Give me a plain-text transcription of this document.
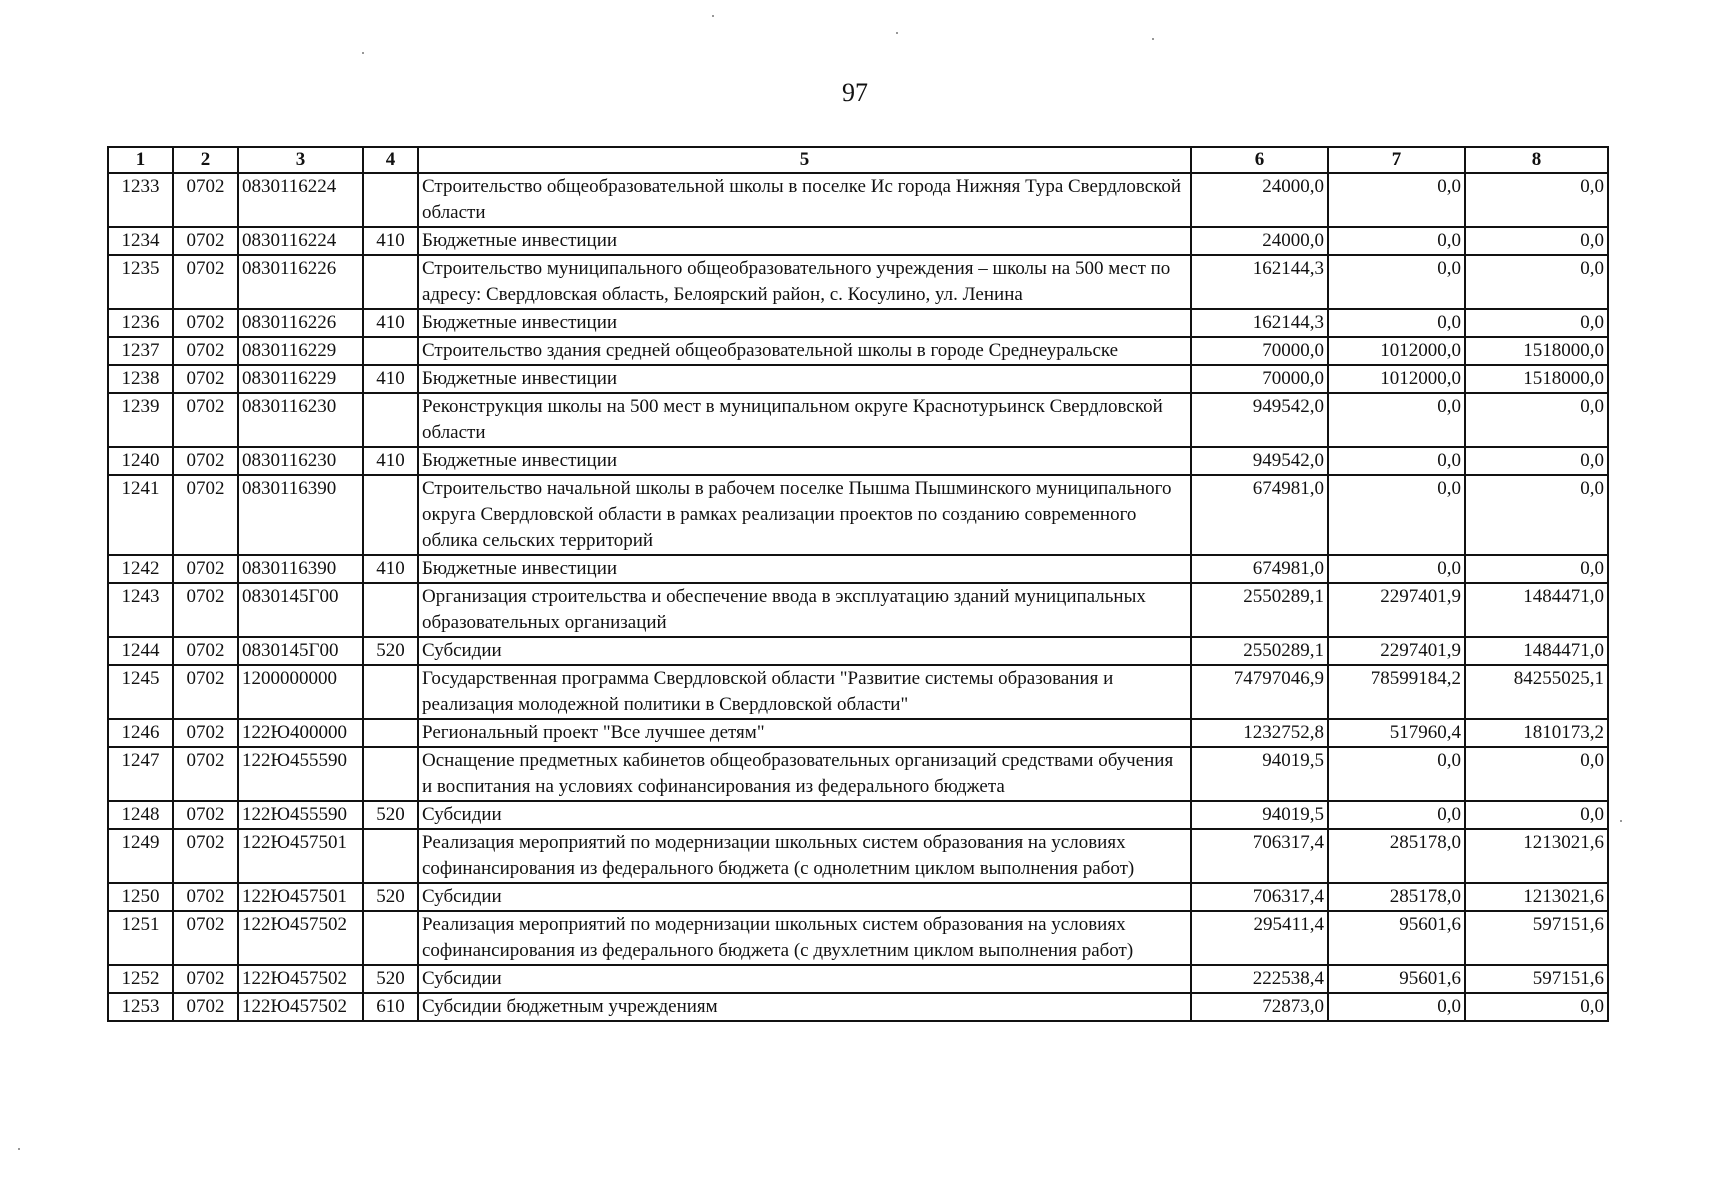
97
1	2	3	4	5	6	7	8
1233	0702	0830116224		Строительство общеобразовательной школы в поселке Ис города Нижняя Тура Свердловской области	24000,0	0,0	0,0
1234	0702	0830116224	410	Бюджетные инвестиции	24000,0	0,0	0,0
1235	0702	0830116226		Строительство муниципального общеобразовательного учреждения – школы на 500 мест по адресу: Свердловская область, Белоярский район, с. Косулино, ул. Ленина	162144,3	0,0	0,0
1236	0702	0830116226	410	Бюджетные инвестиции	162144,3	0,0	0,0
1237	0702	0830116229		Строительство здания средней общеобразовательной школы в городе Среднеуральске	70000,0	1012000,0	1518000,0
1238	0702	0830116229	410	Бюджетные инвестиции	70000,0	1012000,0	1518000,0
1239	0702	0830116230		Реконструкция школы на 500 мест в муниципальном округе Краснотурьинск Свердловской области	949542,0	0,0	0,0
1240	0702	0830116230	410	Бюджетные инвестиции	949542,0	0,0	0,0
1241	0702	0830116390		Строительство начальной школы в рабочем поселке Пышма Пышминского муниципального округа Свердловской области в рамках реализации проектов по созданию современного облика сельских территорий	674981,0	0,0	0,0
1242	0702	0830116390	410	Бюджетные инвестиции	674981,0	0,0	0,0
1243	0702	0830145Г00		Организация строительства и обеспечение ввода в эксплуатацию зданий муниципальных образовательных организаций	2550289,1	2297401,9	1484471,0
1244	0702	0830145Г00	520	Субсидии	2550289,1	2297401,9	1484471,0
1245	0702	1200000000		Государственная программа Свердловской области "Развитие системы образования и реализация молодежной политики в Свердловской области"	74797046,9	78599184,2	84255025,1
1246	0702	122Ю400000		Региональный проект "Все лучшее детям"	1232752,8	517960,4	1810173,2
1247	0702	122Ю455590		Оснащение предметных кабинетов общеобразовательных организаций средствами обучения и воспитания на условиях софинансирования из федерального бюджета	94019,5	0,0	0,0
1248	0702	122Ю455590	520	Субсидии	94019,5	0,0	0,0
1249	0702	122Ю457501		Реализация мероприятий по модернизации школьных систем образования на условиях софинансирования из федерального бюджета (с однолетним циклом выполнения работ)	706317,4	285178,0	1213021,6
1250	0702	122Ю457501	520	Субсидии	706317,4	285178,0	1213021,6
1251	0702	122Ю457502		Реализация мероприятий по модернизации школьных систем образования на условиях софинансирования из федерального бюджета (с двухлетним циклом выполнения работ)	295411,4	95601,6	597151,6
1252	0702	122Ю457502	520	Субсидии	222538,4	95601,6	597151,6
1253	0702	122Ю457502	610	Субсидии бюджетным учреждениям	72873,0	0,0	0,0
